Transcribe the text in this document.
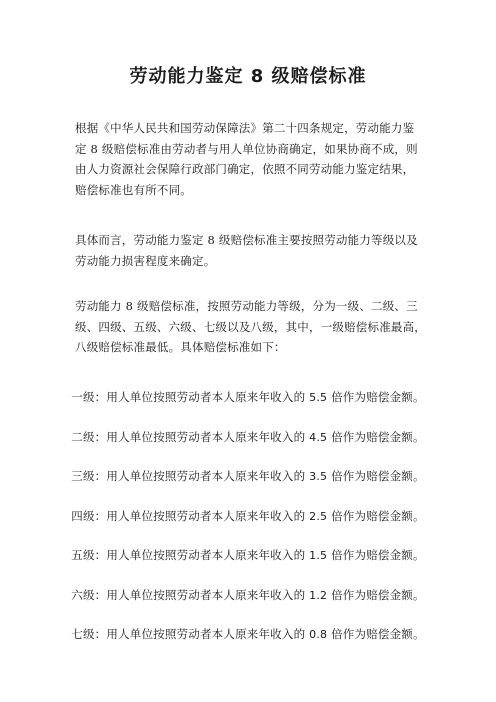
劳动能力鉴定 8 级赔偿标准
根据《中华人民共和国劳动保障法》第二十四条规定，劳动能力鉴
定 8 级赔偿标准由劳动者与用人单位协商确定，如果协商不成，则
由人力资源社会保障行政部门确定，依照不同劳动能力鉴定结果，
赔偿标准也有所不同。
具体而言，劳动能力鉴定 8 级赔偿标准主要按照劳动能力等级以及
劳动能力损害程度来确定。
劳动能力 8 级赔偿标准，按照劳动能力等级，分为一级、二级、三
级、四级、五级、六级、七级以及八级，其中，一级赔偿标准最高，
八级赔偿标准最低。具体赔偿标准如下：
一级：用人单位按照劳动者本人原来年收入的 5.5 倍作为赔偿金额。
二级：用人单位按照劳动者本人原来年收入的 4.5 倍作为赔偿金额。
三级：用人单位按照劳动者本人原来年收入的 3.5 倍作为赔偿金额。
四级：用人单位按照劳动者本人原来年收入的 2.5 倍作为赔偿金额。
五级：用人单位按照劳动者本人原来年收入的 1.5 倍作为赔偿金额。
六级：用人单位按照劳动者本人原来年收入的 1.2 倍作为赔偿金额。
七级：用人单位按照劳动者本人原来年收入的 0.8 倍作为赔偿金额。
